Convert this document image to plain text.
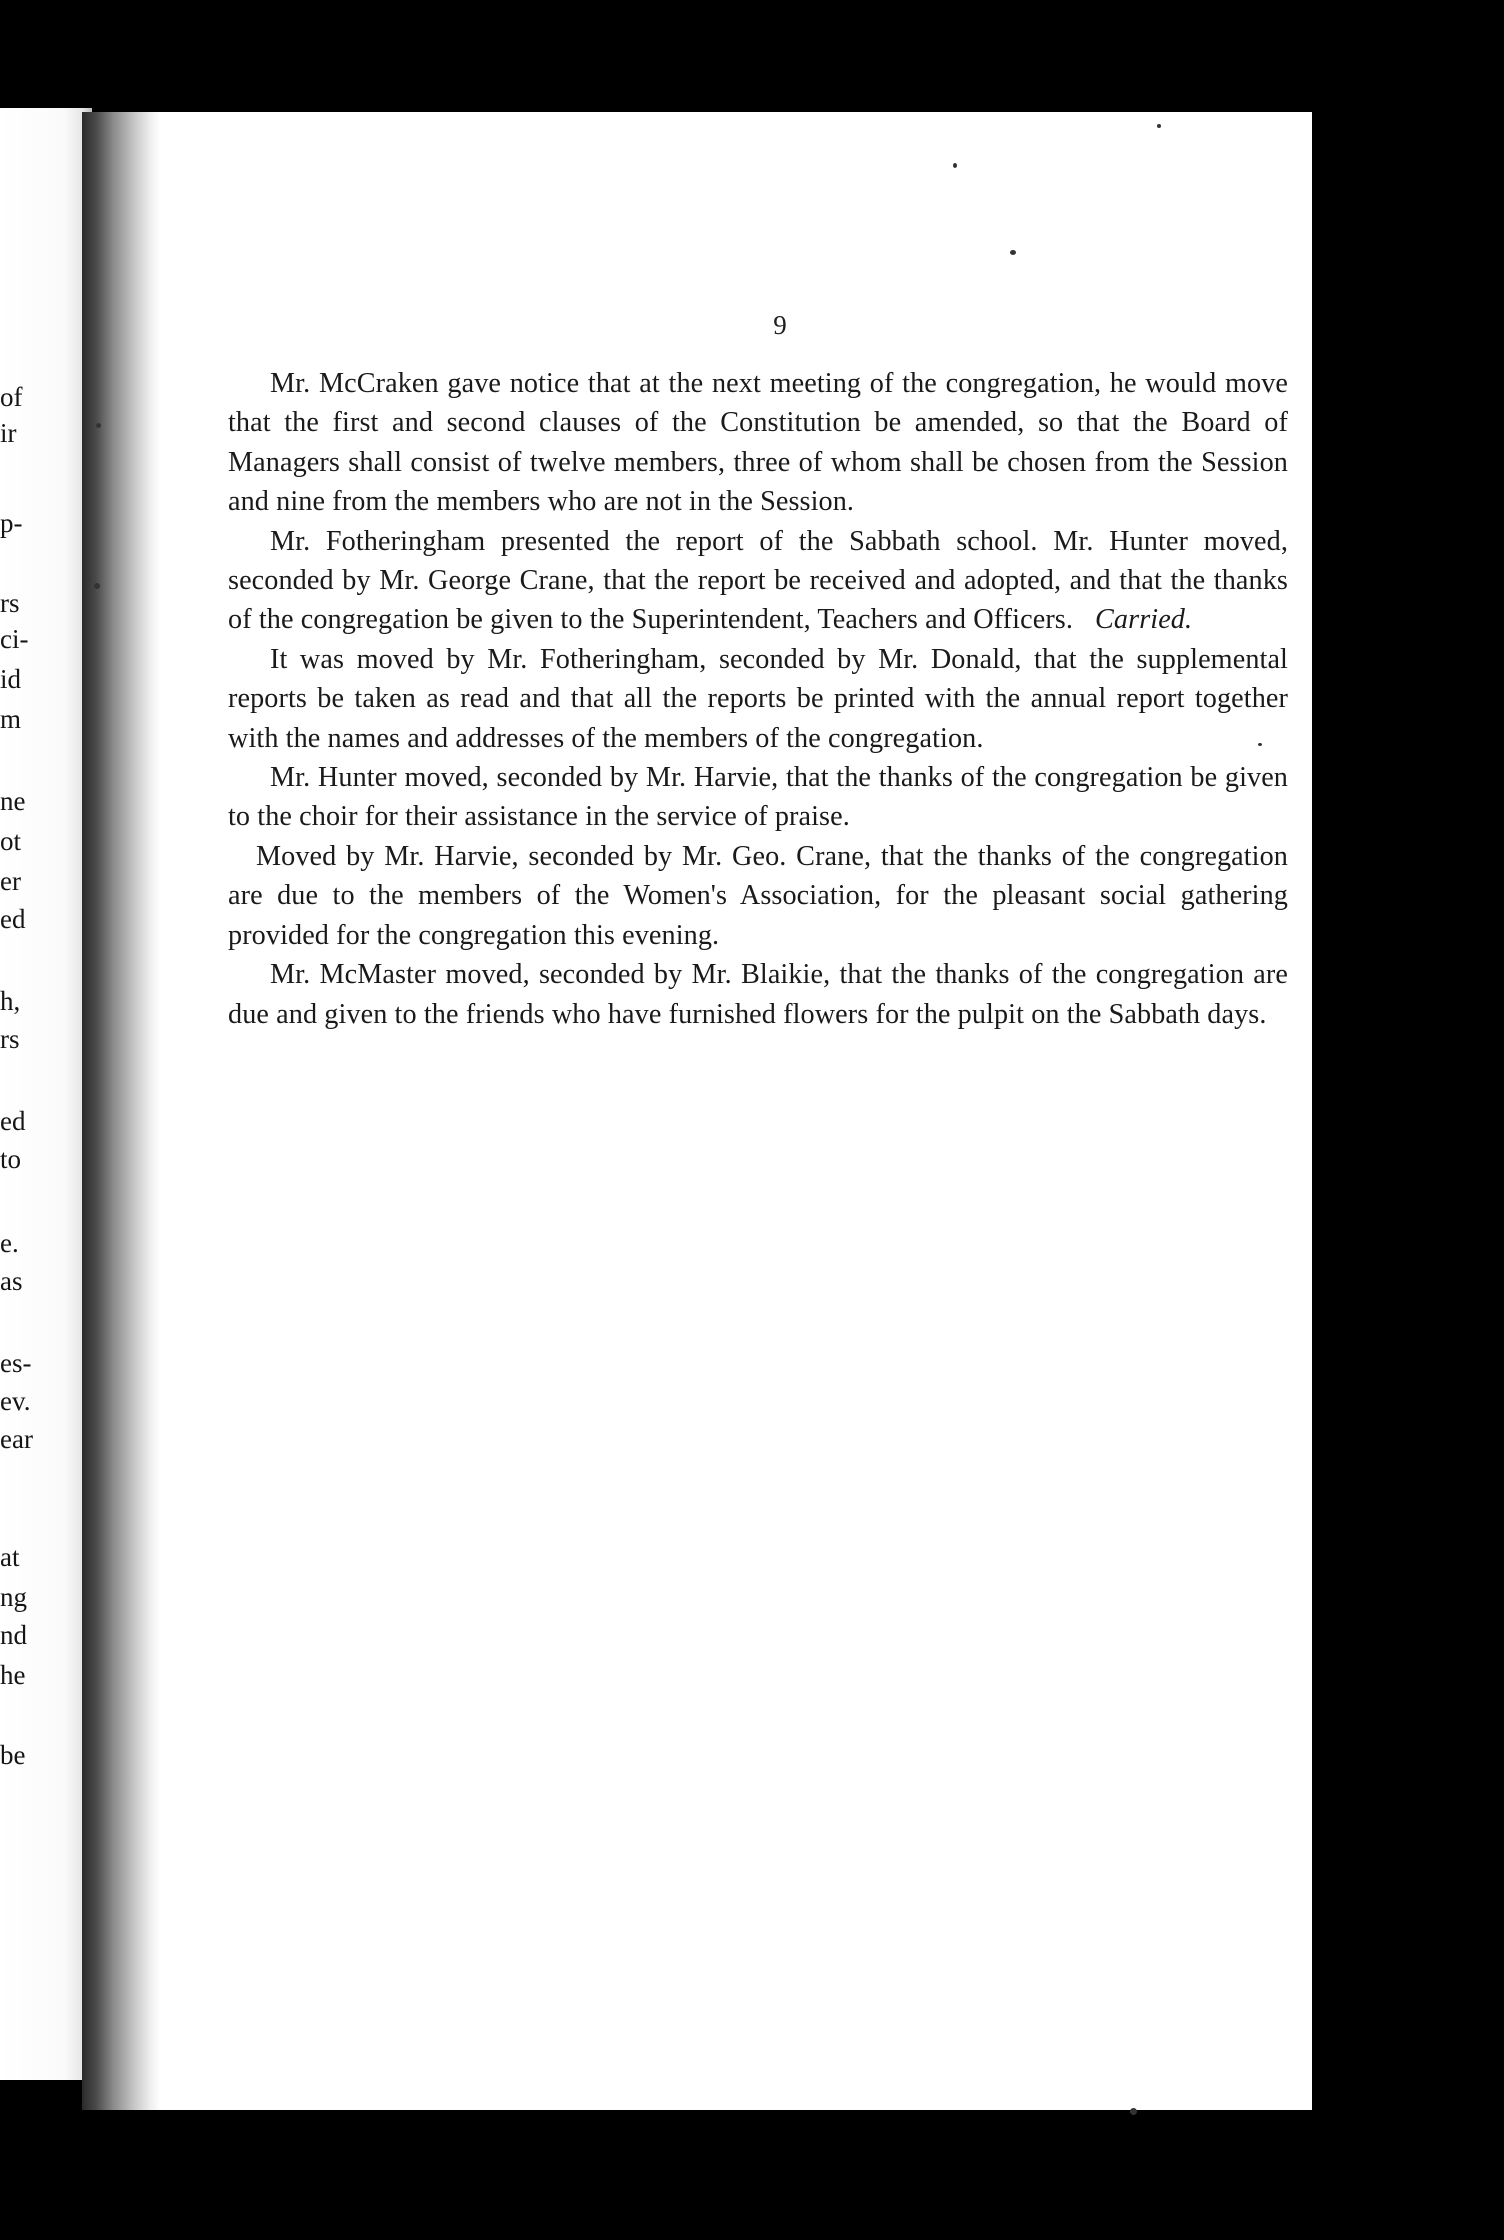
of
ir
p-
rs
ci-
id
m
ne
ot
er
ed
h,
rs
ed
to
e.
as
es-
ev.
ear
at
ng
nd
he
be
9

Mr. McCraken gave notice that at the next meeting of the congregation, he would move that the first and second clauses of the Constitution be amended, so that the Board of Managers shall consist of twelve members, three of whom shall be chosen from the Session and nine from the members who are not in the Session.

Mr. Fotheringham presented the report of the Sabbath school. Mr. Hunter moved, seconded by Mr. George Crane, that the report be received and adopted, and that the thanks of the congregation be given to the Superintendent, Teachers and Officers. Carried.

It was moved by Mr. Fotheringham, seconded by Mr. Donald, that the supplemental reports be taken as read and that all the reports be printed with the annual report together with the names and addresses of the members of the congregation.

Mr. Hunter moved, seconded by Mr. Harvie, that the thanks of the congregation be given to the choir for their assistance in the service of praise.

Moved by Mr. Harvie, seconded by Mr. Geo. Crane, that the thanks of the congregation are due to the members of the Women's Association, for the pleasant social gathering provided for the congregation this evening.

Mr. McMaster moved, seconded by Mr. Blaikie, that the thanks of the congregation are due and given to the friends who have furnished flowers for the pulpit on the Sabbath days.
